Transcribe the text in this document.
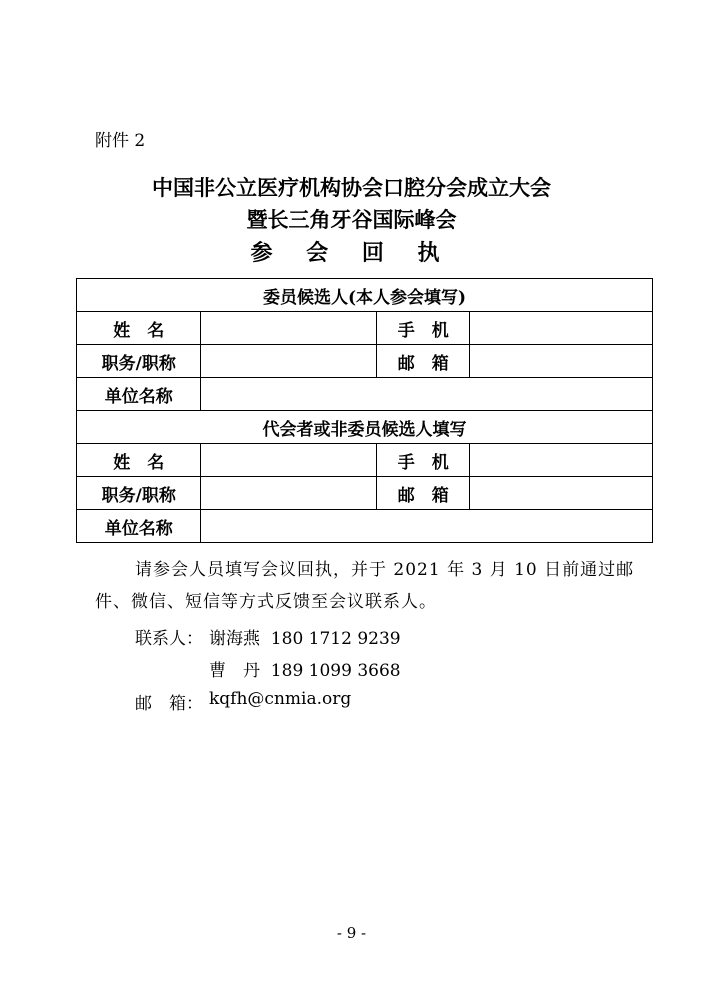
附件 2
中国非公立医疗机构协会口腔分会成立大会
暨长三角牙谷国际峰会
参 会 回 执
委员候选人(本人参会填写)			
姓　名		手　机	
职务/职称		邮　箱	
单位名称			
代会者或非委员候选人填写			
姓　名		手　机	
职务/职称		邮　箱	
单位名称			
请参会人员填写会议回执，并于 2021 年 3 月 10 日前通过邮件、微信、短信等方式反馈至会议联系人。
联系人： 谢海燕  180 1712 9239
曹　丹  189 1099 3668
邮　箱： kqfh@cnmia.org
- 9 -
